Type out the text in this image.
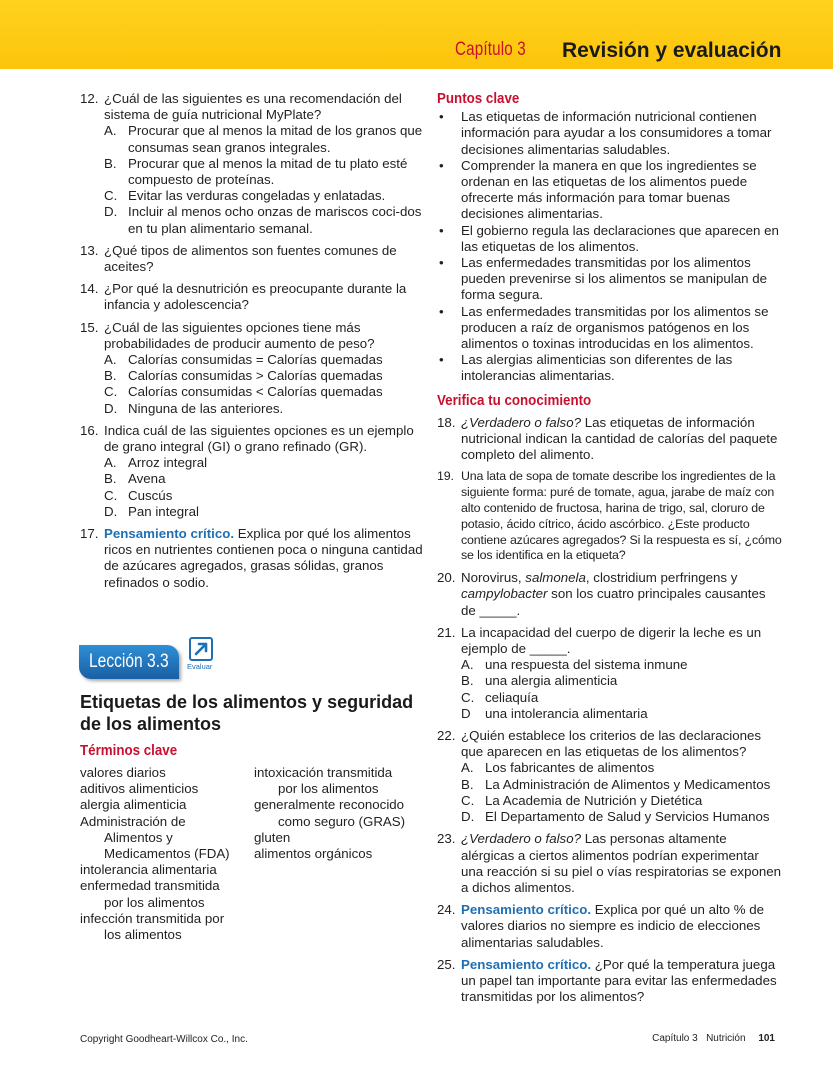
Capítulo 3 Revisión y evaluación
12. ¿Cuál de las siguientes es una recomendación del sistema de guía nutricional MyPlate?
A. Procurar que al menos la mitad de los granos que consumas sean granos integrales.
B. Procurar que al menos la mitad de tu plato esté compuesto de proteínas.
C. Evitar las verduras congeladas y enlatadas.
D. Incluir al menos ocho onzas de mariscos coci-dos en tu plan alimentario semanal.
13. ¿Qué tipos de alimentos son fuentes comunes de aceites?
14. ¿Por qué la desnutrición es preocupante durante la infancia y adolescencia?
15. ¿Cuál de las siguientes opciones tiene más probabilidades de producir aumento de peso?
A. Calorías consumidas = Calorías quemadas
B. Calorías consumidas > Calorías quemadas
C. Calorías consumidas < Calorías quemadas
D. Ninguna de las anteriores.
16. Indica cuál de las siguientes opciones es un ejemplo de grano integral (GI) o grano refinado (GR).
A. Arroz integral
B. Avena
C. Cuscús
D. Pan integral
17. Pensamiento crítico. Explica por qué los alimentos ricos en nutrientes contienen poca o ninguna cantidad de azúcares agregados, grasas sólidas, granos refinados o sodio.
Lección 3.3 Evaluar
Etiquetas de los alimentos y seguridad de los alimentos
Términos clave
valores diarios
aditivos alimenticios
alergia alimenticia
Administración de Alimentos y Medicamentos (FDA)
intolerancia alimentaria
enfermedad transmitida por los alimentos
infección transmitida por los alimentos
intoxicación transmitida por los alimentos
generalmente reconocido como seguro (GRAS)
gluten
alimentos orgánicos
Puntos clave
• Las etiquetas de información nutricional contienen información para ayudar a los consumidores a tomar decisiones alimentarias saludables.
• Comprender la manera en que los ingredientes se ordenan en las etiquetas de los alimentos puede ofrecerte más información para tomar buenas decisiones alimentarias.
• El gobierno regula las declaraciones que aparecen en las etiquetas de los alimentos.
• Las enfermedades transmitidas por los alimentos pueden prevenirse si los alimentos se manipulan de forma segura.
• Las enfermedades transmitidas por los alimentos se producen a raíz de organismos patógenos en los alimentos o toxinas introducidas en los alimentos.
• Las alergias alimenticias son diferentes de las intolerancias alimentarias.
Verifica tu conocimiento
18. ¿Verdadero o falso? Las etiquetas de información nutricional indican la cantidad de calorías del paquete completo del alimento.
19. Una lata de sopa de tomate describe los ingredientes de la siguiente forma: puré de tomate, agua, jarabe de maíz con alto contenido de fructosa, harina de trigo, sal, cloruro de potasio, ácido cítrico, ácido ascórbico. ¿Este producto contiene azúcares agregados? Si la respuesta es sí, ¿cómo se los identifica en la etiqueta?
20. Norovirus, salmonela, clostridium perfringens y campylobacter son los cuatro principales causantes de _____.
21. La incapacidad del cuerpo de digerir la leche es un ejemplo de _____.
A. una respuesta del sistema inmune
B. una alergia alimenticia
C. celiaquía
D una intolerancia alimentaria
22. ¿Quién establece los criterios de las declaraciones que aparecen en las etiquetas de los alimentos?
A. Los fabricantes de alimentos
B. La Administración de Alimentos y Medicamentos
C. La Academia de Nutrición y Dietética
D. El Departamento de Salud y Servicios Humanos
23. ¿Verdadero o falso? Las personas altamente alérgicas a ciertos alimentos podrían experimentar una reacción si su piel o vías respiratorias se exponen a dichos alimentos.
24. Pensamiento crítico. Explica por qué un alto % de valores diarios no siempre es indicio de elecciones alimentarias saludables.
25. Pensamiento crítico. ¿Por qué la temperatura juega un papel tan importante para evitar las enfermedades transmitidas por los alimentos?
Copyright Goodheart-Willcox Co., Inc.	Capítulo 3 Nutrición 101
